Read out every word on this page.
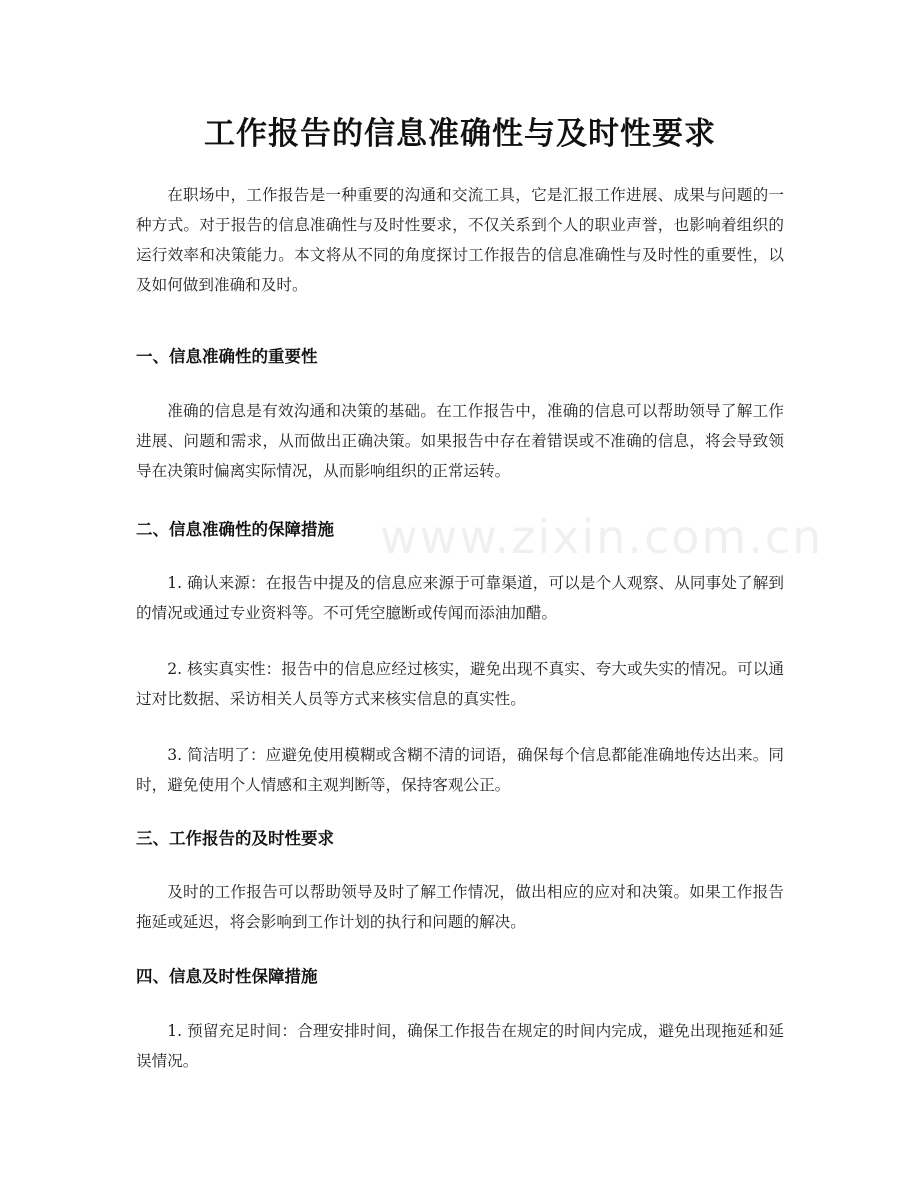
工作报告的信息准确性与及时性要求

在职场中，工作报告是一种重要的沟通和交流工具，它是汇报工作进展、成果与问题的一种方式。对于报告的信息准确性与及时性要求，不仅关系到个人的职业声誉，也影响着组织的运行效率和决策能力。本文将从不同的角度探讨工作报告的信息准确性与及时性的重要性，以及如何做到准确和及时。

一、信息准确性的重要性

准确的信息是有效沟通和决策的基础。在工作报告中，准确的信息可以帮助领导了解工作进展、问题和需求，从而做出正确决策。如果报告中存在着错误或不准确的信息，将会导致领导在决策时偏离实际情况，从而影响组织的正常运转。

二、信息准确性的保障措施

1. 确认来源：在报告中提及的信息应来源于可靠渠道，可以是个人观察、从同事处了解到的情况或通过专业资料等。不可凭空臆断或传闻而添油加醋。

2. 核实真实性：报告中的信息应经过核实，避免出现不真实、夸大或失实的情况。可以通过对比数据、采访相关人员等方式来核实信息的真实性。

3. 简洁明了：应避免使用模糊或含糊不清的词语，确保每个信息都能准确地传达出来。同时，避免使用个人情感和主观判断等，保持客观公正。

三、工作报告的及时性要求

及时的工作报告可以帮助领导及时了解工作情况，做出相应的应对和决策。如果工作报告拖延或延迟，将会影响到工作计划的执行和问题的解决。

四、信息及时性保障措施

1. 预留充足时间：合理安排时间，确保工作报告在规定的时间内完成，避免出现拖延和延误情况。

www.zixin.com.cn
